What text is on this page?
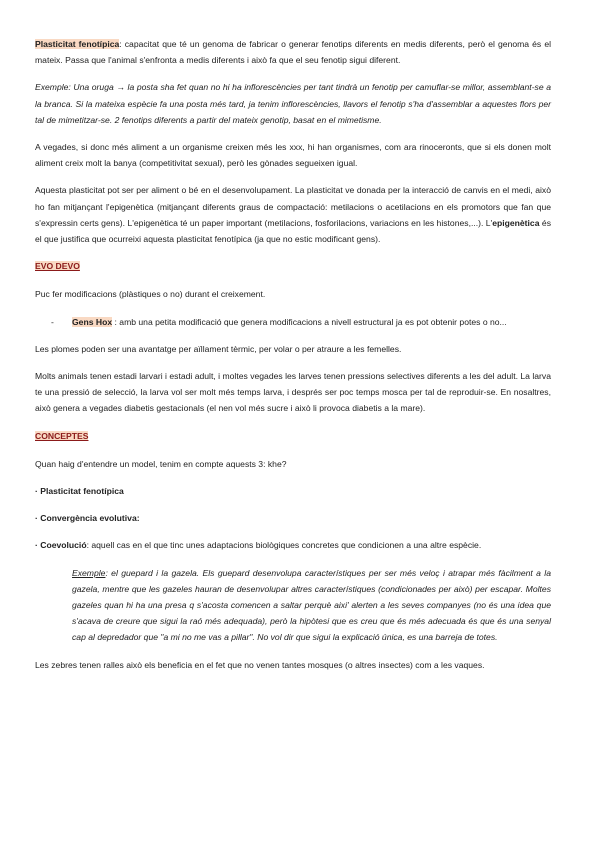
Plasticitat fenotípica: capacitat que té un genoma de fabricar o generar fenotips diferents en medis diferents, però el genoma és el mateix. Passa que l'animal s'enfronta a medis diferents i això fa que el seu fenotip sigui diferent.

Exemple: Una oruga → la posta sha fet quan no hi ha inflorescències per tant tindrà un fenotip per camuflar-se millor, assemblant-se a la branca. Si la mateixa espècie fa una posta més tard, ja tenim inflorescències, llavors el fenotip s'ha d'assemblar a aquestes flors per tal de mimetitzar-se. 2 fenotips diferents a partir del mateix genotip, basat en el mimetisme.

A vegades, si donc més aliment a un organisme creixen més les xxx, hi han organismes, com ara rinoceronts, que si els donen molt aliment creix molt la banya (competitivitat sexual), però les gònades segueixen igual.

Aquesta plasticitat pot ser per aliment o bé en el desenvolupament. La plasticitat ve donada per la interacció de canvis en el medi, això ho fan mitjançant l'epigenètica (mitjançant diferents graus de compactació: metilacions o acetilacions en els promotors que fan que s'expressin certs gens). L'epigenètica té un paper important (metilacions, fosforilacions, variacions en les histones,...). L'epigenètica és el que justifica que ocurreixi aquesta plasticitat fenotípica (ja que no estic modificant gens).

EVO DEVO

Puc fer modificacions (plàstiques o no) durant el creixement.

- Gens Hox : amb una petita modificació que genera modificacions a nivell estructural ja es pot obtenir potes o no...

Les plomes poden ser una avantatge per aïllament tèrmic, per volar o per atraure a les femelles.

Molts animals tenen estadi larvari i estadi adult, i moltes vegades les larves tenen pressions selectives diferents a les del adult. La larva te una pressió de selecció, la larva vol ser molt més temps larva, i després ser poc temps mosca per tal de reproduir-se. En nosaltres, això genera a vegades diabetis gestacionals (el nen vol més sucre i això li provoca diabetis a la mare).

CONCEPTES

Quan haig d'entendre un model, tenim en compte aquests 3: khe?

· Plasticitat fenotípica

· Convergència evolutiva:

· Coevolució: aquell cas en el que tinc unes adaptacions biològiques concretes que condicionen a una altre espècie.

Exemple: el guepard i la gazela. Els guepard desenvolupa característiques per ser més veloç i atrapar més fàcilment a la gazela, mentre que les gazeles hauran de desenvolupar altres característiques (condicionades per això) per escapar. Moltes gazeles quan hi ha una presa q s'acosta comencen a saltar perquè aixi' alerten a les seves companyes (no és una idea que s'acava de creure que sigui la raó més adequada), però la hipòtesi que es creu que és més adecuada és que és una senyal cap al depredador que "a mi no me vas a pillar". No vol dir que sigui la explicació única, es una barreja de totes.

Les zebres tenen ralles això els beneficia en el fet que no venen tantes mosques (o altres insectes) com a les vaques.
